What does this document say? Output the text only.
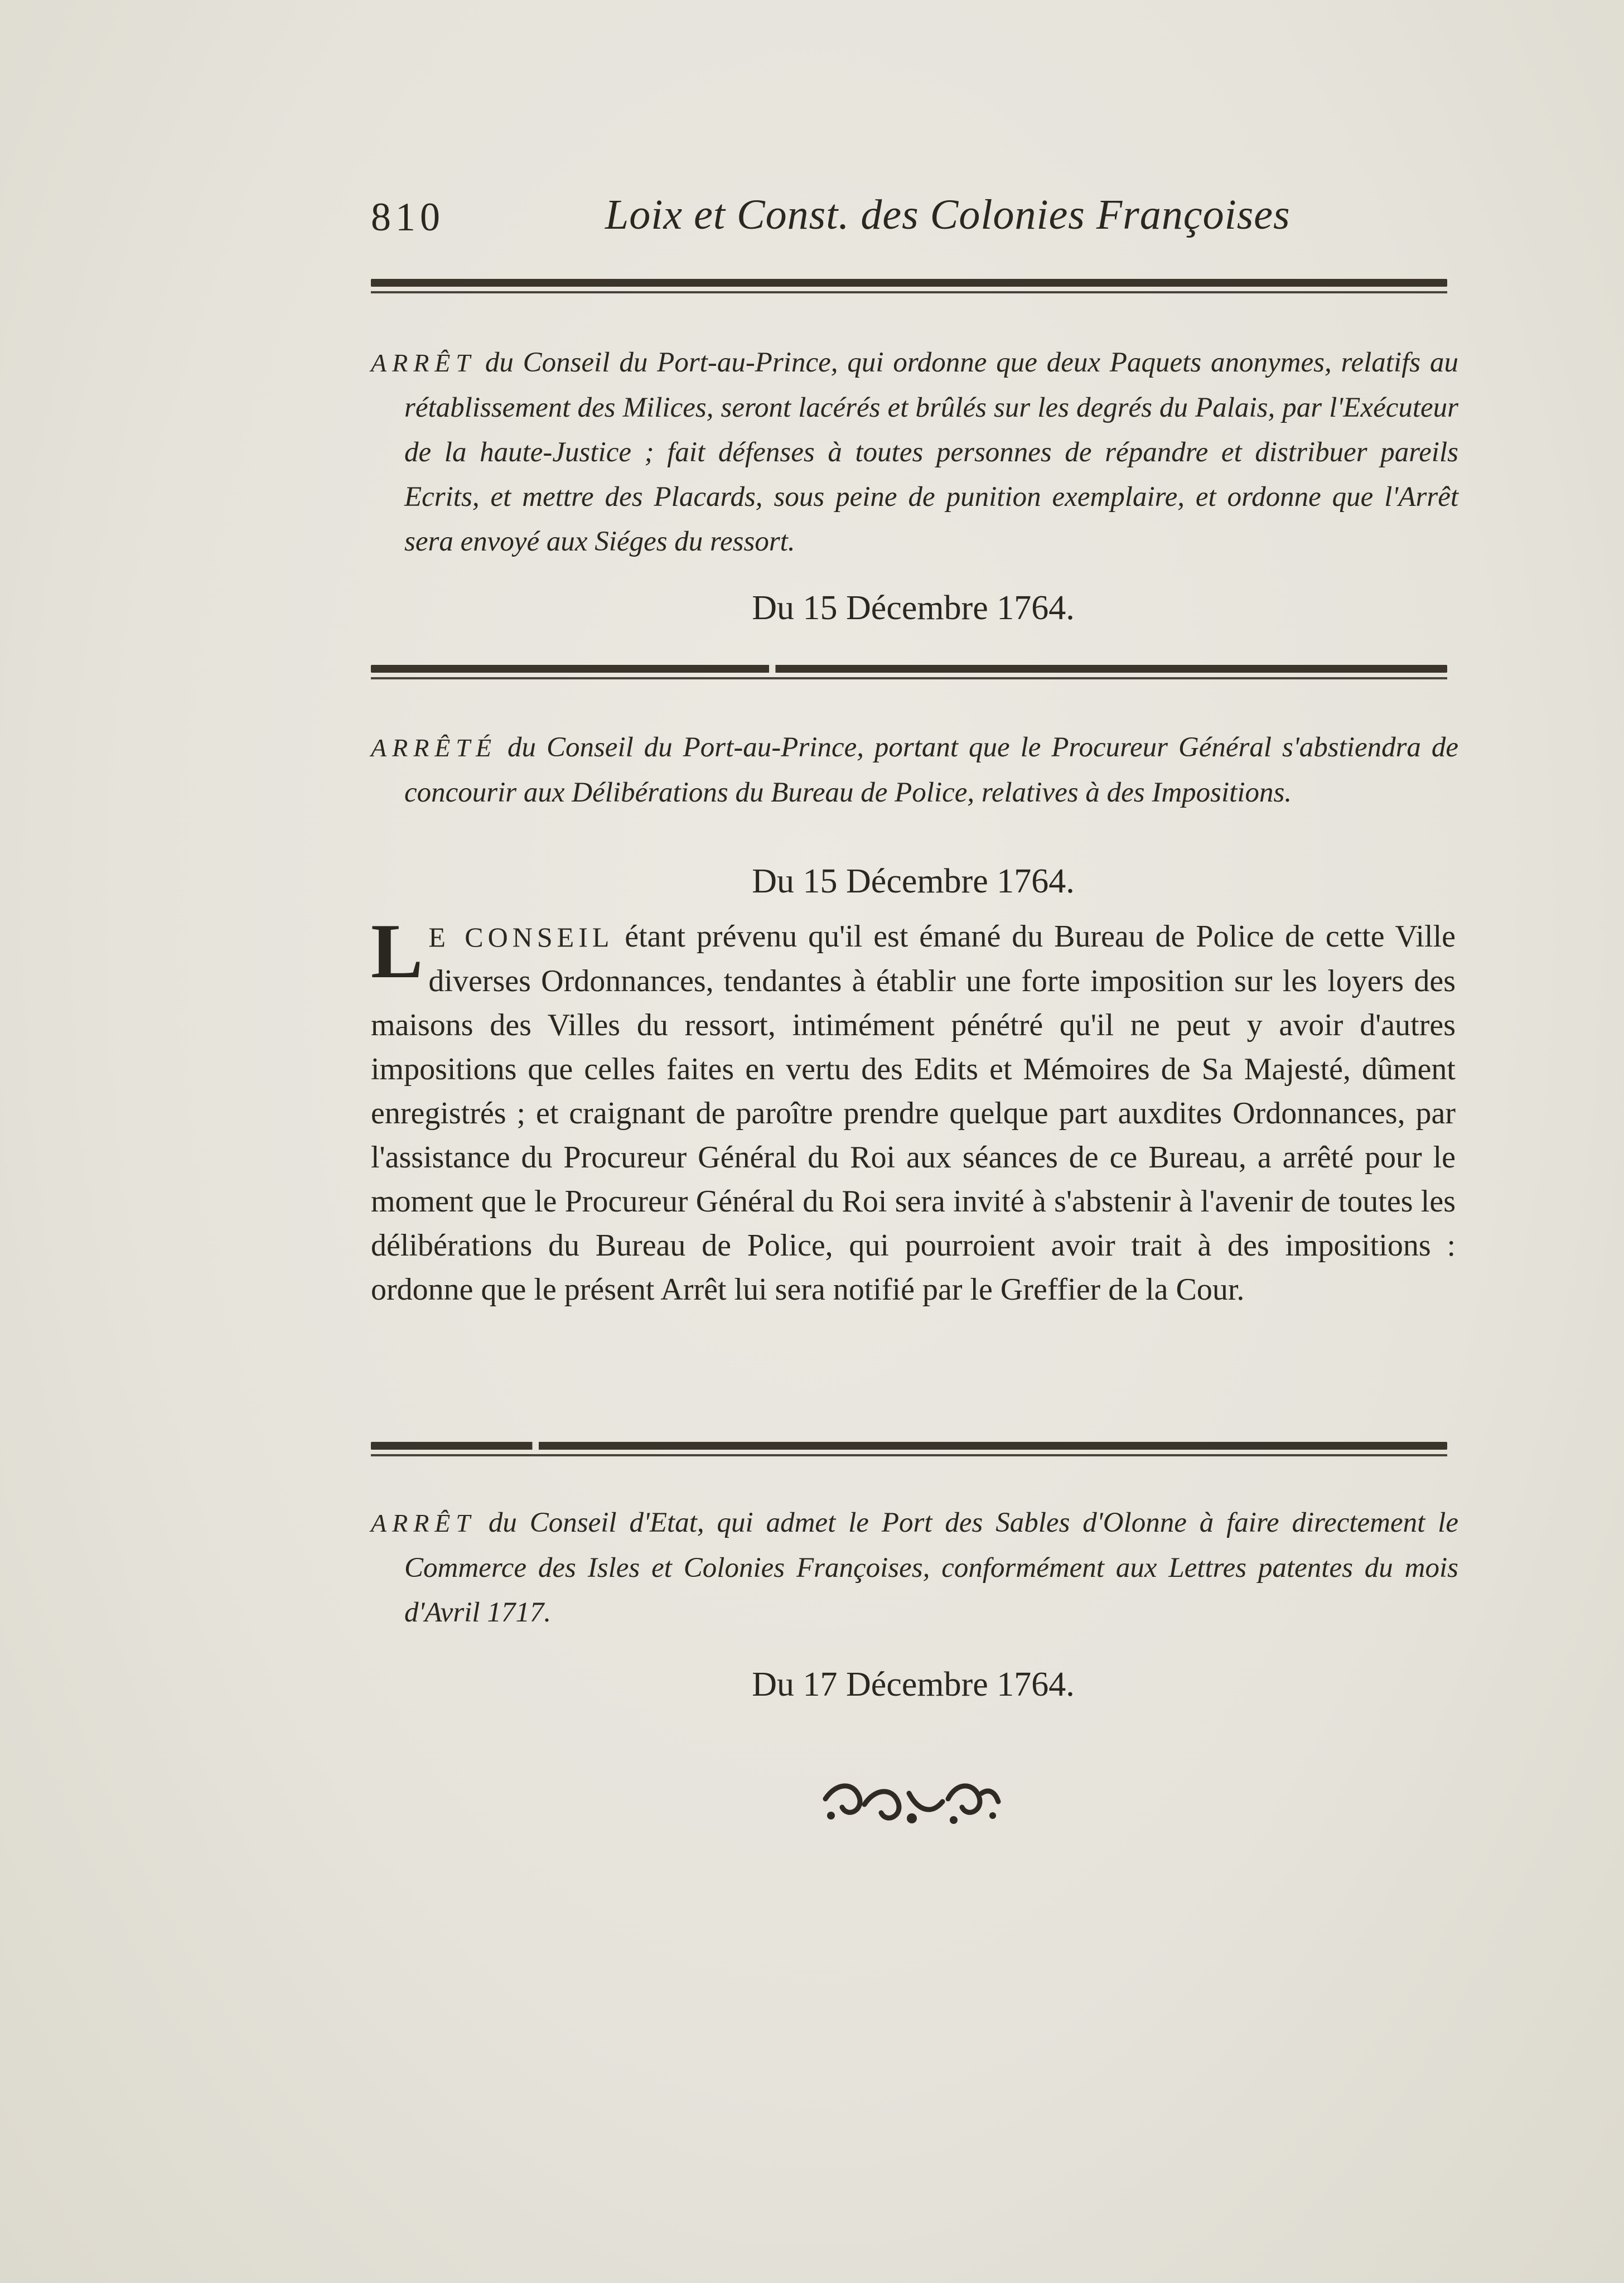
810	Loix et Const. des Colonies Françoises
ARRÊT du Conseil du Port-au-Prince, qui ordonne que deux Paquets anonymes, relatifs au rétablissement des Milices, seront lacérés et brûlés sur les degrés du Palais, par l'Exécuteur de la haute-Justice ; fait défenses à toutes personnes de répandre et distribuer pareils Ecrits, et mettre des Placards, sous peine de punition exemplaire, et ordonne que l'Arrêt sera envoyé aux Siéges du ressort.
Du 15 Décembre 1764.
ARRÊTÉ du Conseil du Port-au-Prince, portant que le Procureur Général s'abstiendra de concourir aux Délibérations du Bureau de Police, relatives à des Impositions.
Du 15 Décembre 1764.
L E CONSEIL étant prévenu qu'il est émané du Bureau de Police de cette Ville diverses Ordonnances, tendantes à établir une forte imposition sur les loyers des maisons des Villes du ressort, intimément pénétré qu'il ne peut y avoir d'autres impositions que celles faites en vertu des Edits et Mémoires de Sa Majesté, dûment enregistrés ; et craignant de paroître prendre quelque part auxdites Ordonnances, par l'assistance du Procureur Général du Roi aux séances de ce Bureau, a arrêté pour le moment que le Procureur Général du Roi sera invité à s'abstenir à l'avenir de toutes les délibérations du Bureau de Police, qui pourroient avoir trait à des impositions : ordonne que le présent Arrêt lui sera notifié par le Greffier de la Cour.
ARRÊT du Conseil d'Etat, qui admet le Port des Sables d'Olonne à faire directement le Commerce des Isles et Colonies Françoises, conformément aux Lettres patentes du mois d'Avril 1717.
Du 17 Décembre 1764.
